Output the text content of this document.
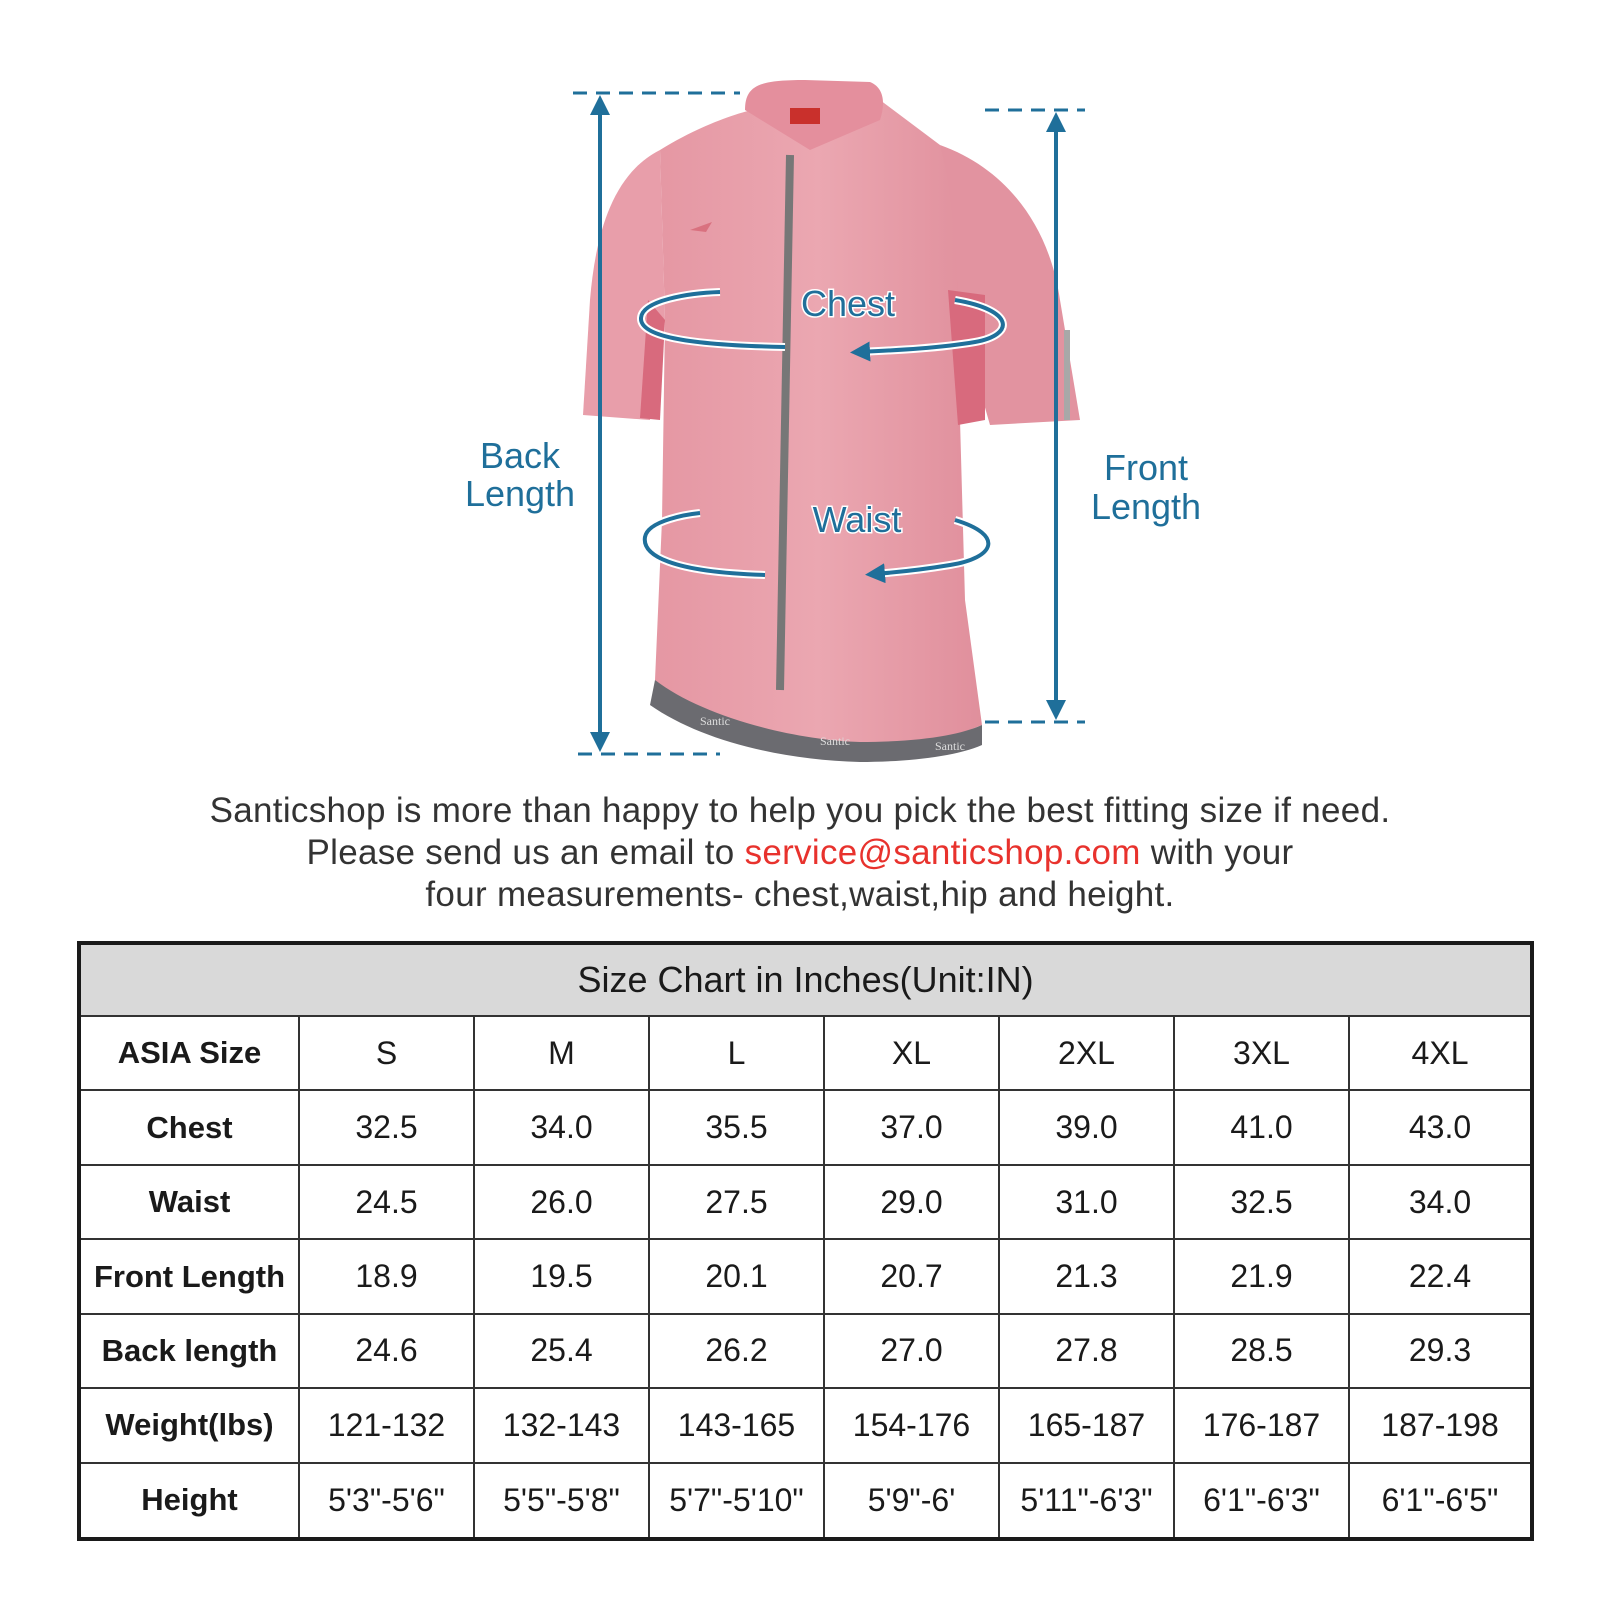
Santic
Santic	Santic
Back
Length
Front
Length
Chest
Waist
Santicshop is more than happy to help you pick the best fitting size if need.
Please send us an email to service@santicshop.com with your
four measurements- chest,waist,hip and height.
Size Chart in Inches(Unit:IN)							
ASIA Size	S	M	L	XL	2XL	3XL	4XL
Chest	32.5	34.0	35.5	37.0	39.0	41.0	43.0
Waist	24.5	26.0	27.5	29.0	31.0	32.5	34.0
Front Length	18.9	19.5	20.1	20.7	21.3	21.9	22.4
Back length	24.6	25.4	26.2	27.0	27.8	28.5	29.3
Weight(lbs)	121-132	132-143	143-165	154-176	165-187	176-187	187-198
Height	5'3"-5'6"	5'5"-5'8"	5'7"-5'10"	5'9"-6'	5'11"-6'3"	6'1"-6'3"	6'1"-6'5"
